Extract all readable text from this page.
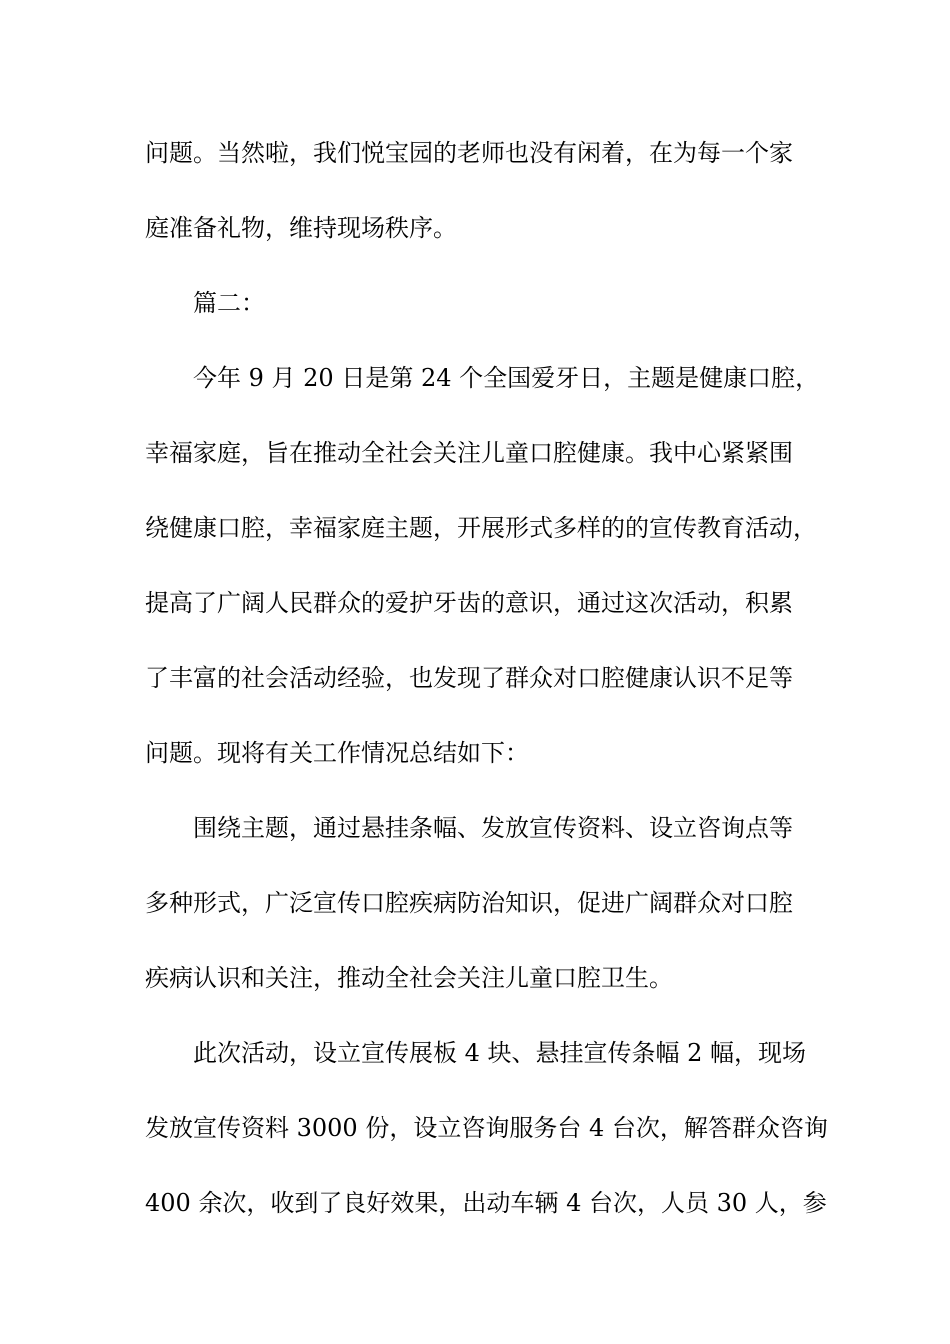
问题。当然啦，我们悦宝园的老师也没有闲着，在为每一个家
庭准备礼物，维持现场秩序。
篇二：
今年 9 月 20 日是第 24 个全国爱牙日，主题是健康口腔，
幸福家庭，旨在推动全社会关注儿童口腔健康。我中心紧紧围
绕健康口腔，幸福家庭主题，开展形式多样的的宣传教育活动，
提高了广阔人民群众的爱护牙齿的意识，通过这次活动，积累
了丰富的社会活动经验，也发现了群众对口腔健康认识不足等
问题。现将有关工作情况总结如下：
围绕主题，通过悬挂条幅、发放宣传资料、设立咨询点等
多种形式，广泛宣传口腔疾病防治知识，促进广阔群众对口腔
疾病认识和关注，推动全社会关注儿童口腔卫生。
此次活动，设立宣传展板 4 块、悬挂宣传条幅 2 幅，现场
发放宣传资料 3000 份，设立咨询服务台 4 台次，解答群众咨询
400 余次，收到了良好效果，出动车辆 4 台次，人员 30 人，参
